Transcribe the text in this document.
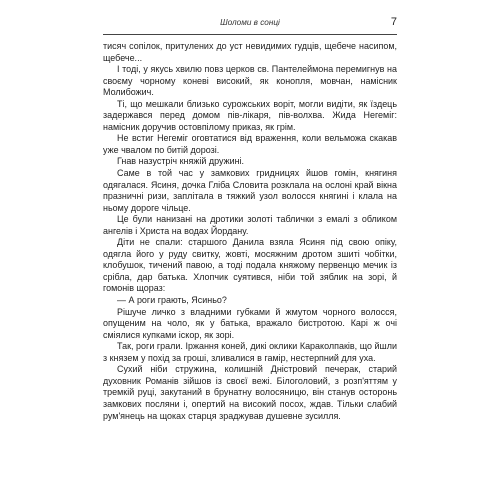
Шоломи в сонці	7

тисяч сопілок, притулених до уст невидимих гудців, щебече насипом, щебече...

І тоді, у якусь хвилю повз церков св. Пантелеймона перемигнув на своєму чорному коневі високий, як конопля, мовчан, намісник Молибожич.

Ті, що мешкали близько сурожських воріт, могли видіти, як їздець задержався перед домом пів-лікаря, пів-волхва. Жида Негеміг: намісник доручив остовпілому приказ, як грім.

Не встиг Негеміг оговтатися від враження, коли вельможа скакав уже чвалом по битій дорозі.

Гнав назустріч княжій дружині.

Саме в той час у замкових гридницях йшов гомін, княгиня одягалася. Ясиня, дочка Гліба Словита розклала на ослоні край вікна празничні ризи, заплітала в тяжкий узол волосся княгині і клала на ньому дороге чільце.

Це були нанизані на дротики золоті таблички з емалі з обликом ангелів і Христа на водах Йордану.

Діти не спали: старшого Данила взяла Ясиня під свою опіку, одягла його у руду свитку, жовті, мосяжним дротом зшиті чобітки, клобушок, тичений павою, а тоді подала княжому первенцю мечик із срібла, дар батька. Хлопчик суятився, ніби той зяблик на зорі, й гомонів щораз:

— А роги грають, Ясиньо?

Рішуче личко з владними губками й жмутом чорного волосся, опущеним на чоло, як у батька, вражало бистротою. Карі ж очі сміялися купками іскор, як зорі.

Так, роги грали. Іржання коней, дикі оклики Караколпаків, що йшли з князем у похід за гроші, зливалися в гамір, нестерпний для уха.

Сухий ніби стружина, колишній Дністровий печерак, старий духовник Романів зійшов із своєї вежі. Білоголовий, з розп'яттям у тремкій руці, закутаний в брунатну волосяницю, він станув осторонь замкових посляни і, опертий на високий посох, ждав. Тільки слабий рум'янець на щоках старця зраджував душевне зусилля.
